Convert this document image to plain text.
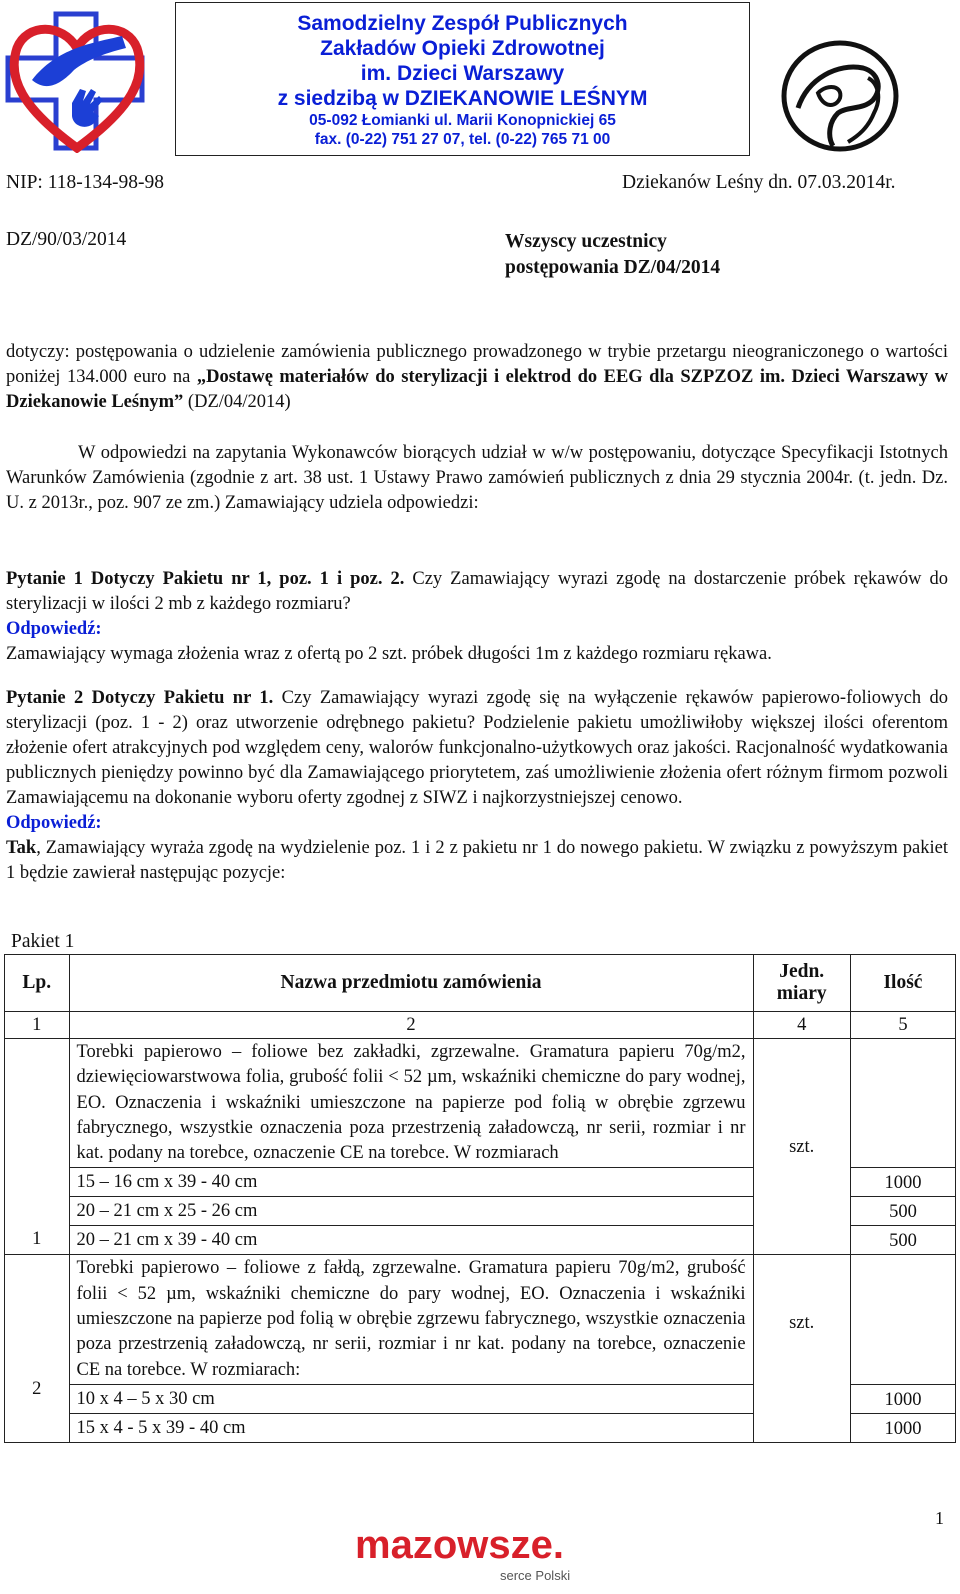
Samodzielny Zespół Publicznych
Zakładów Opieki Zdrowotnej
im. Dzieci Warszawy
z siedzibą w DZIEKANOWIE LEŚNYM
05-092 Łomianki ul. Marii Konopnickiej 65
fax. (0-22) 751 27 07, tel. (0-22) 765 71 00
NIP: 118-134-98-98	Dziekanów Leśny dn. 07.03.2014r.
DZ/90/03/2014	Wszyscy uczestnicy
postępowania DZ/04/2014

dotyczy: postępowania o udzielenie zamówienia publicznego prowadzonego w trybie przetargu nieograniczonego o wartości poniżej 134.000 euro na „Dostawę materiałów do sterylizacji i elektrod do EEG dla SZPZOZ im. Dzieci Warszawy w Dziekanowie Leśnym” (DZ/04/2014)

W odpowiedzi na zapytania Wykonawców biorących udział w w/w postępowaniu, dotyczące Specyfikacji Istotnych Warunków Zamówienia (zgodnie z art. 38 ust. 1 Ustawy Prawo zamówień publicznych z dnia 29 stycznia 2004r. (t. jedn. Dz. U. z 2013r., poz. 907 ze zm.) Zamawiający udziela odpowiedzi:

Pytanie 1 Dotyczy Pakietu nr 1, poz. 1 i poz. 2. Czy Zamawiający wyrazi zgodę na dostarczenie próbek rękawów do sterylizacji w ilości 2 mb z każdego rozmiaru?

Odpowiedź:

Zamawiający wymaga złożenia wraz z ofertą po 2 szt. próbek długości 1m z każdego rozmiaru rękawa.

Pytanie 2 Dotyczy Pakietu nr 1. Czy Zamawiający wyrazi zgodę się na wyłączenie rękawów papierowo-foliowych do sterylizacji (poz. 1 - 2) oraz utworzenie odrębnego pakietu? Podzielenie pakietu umożliwiłoby większej ilości oferentom złożenie ofert atrakcyjnych pod względem ceny, walorów funkcjonalno-użytkowych oraz jakości. Racjonalność wydatkowania publicznych pieniędzy powinno być dla Zamawiającego priorytetem, zaś umożliwienie złożenia ofert różnym firmom pozwoli Zamawiającemu na dokonanie wyboru oferty zgodnej z SIWZ i najkorzystniejszej cenowo.

Odpowiedź:

Tak, Zamawiający wyraża zgodę na wydzielenie poz. 1 i 2 z pakietu nr 1 do nowego pakietu. W związku z powyższym pakiet 1 będzie zawierał następując pozycje:

Pakiet 1
Lp.	Nazwa przedmiotu zamówienia	Jedn. miary	Ilość
1	2	4	5
1	Torebki papierowo – foliowe bez zakładki, zgrzewalne. Gramatura papieru 70g/m2, dziewięciowarstwowa folia, grubość folii < 52 µm, wskaźniki chemiczne do pary wodnej, EO. Oznaczenia i wskaźniki umieszczone na papierze pod folią w obrębie zgrzewu fabrycznego, wszystkie oznaczenia poza przestrzenią załadowczą, nr serii, rozmiar i nr kat. podany na torebce, oznaczenie CE na torebce. W rozmiarach	szt.	
	15 – 16 cm x 39 - 40 cm		1000
	20 – 21 cm x 25 - 26 cm		500
	20 – 21 cm x 39 - 40 cm		500
2	Torebki papierowo – foliowe z fałdą, zgrzewalne. Gramatura papieru 70g/m2, grubość folii < 52 µm, wskaźniki chemiczne do pary wodnej, EO. Oznaczenia i wskaźniki umieszczone na papierze pod folią w obrębie zgrzewu fabrycznego, wszystkie oznaczenia poza przestrzenią załadowczą, nr serii, rozmiar i nr kat. podany na torebce, oznaczenie CE na torebce. W rozmiarach:	szt.	
	10 x 4 – 5 x 30 cm		1000
	15 x 4 - 5 x 39 - 40 cm		1000
1
mazowsze.
serce Polski
